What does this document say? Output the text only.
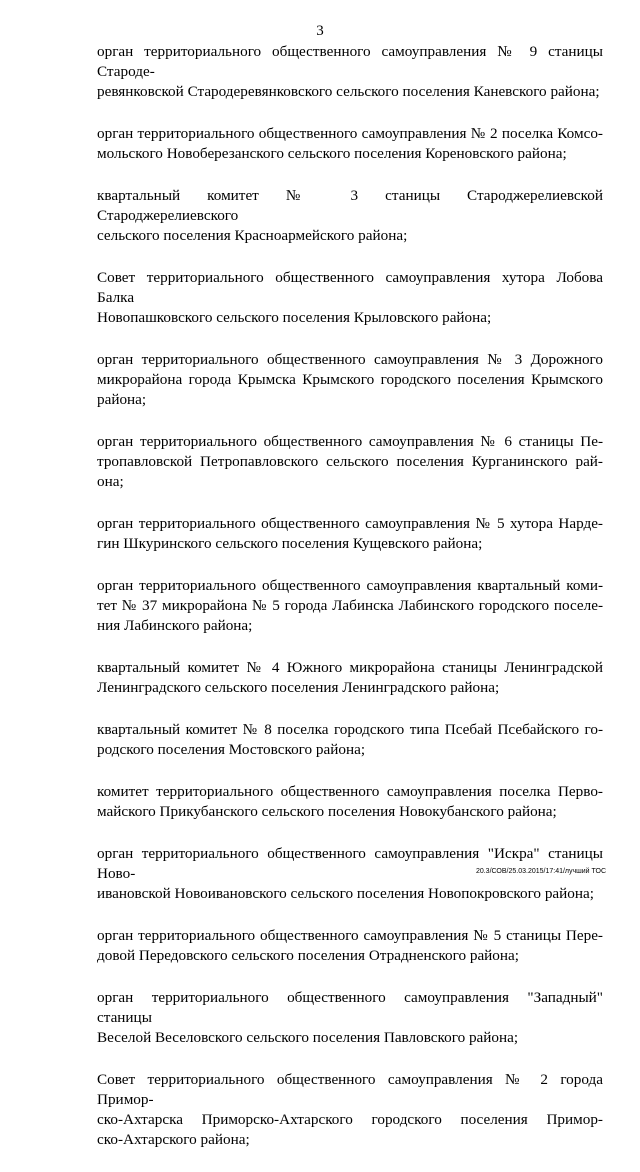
3
орган территориального общественного самоуправления № 9 станицы Староде-
ревянковской Стародеревянковского сельского поселения Каневского района;
орган территориального общественного самоуправления № 2 поселка Комсо-
мольского Новоберезанского сельского поселения Кореновского района;
квартальный комитет № 3 станицы Староджерелиевской Староджерелиевского
сельского поселения Красноармейского района;
Совет территориального общественного самоуправления хутора Лобова Балка
Новопашковского сельского поселения Крыловского района;
орган территориального общественного самоуправления № 3 Дорожного
микрорайона города Крымска Крымского городского поселения Крымского
района;
орган территориального общественного самоуправления № 6 станицы Пе-
тропавловской Петропавловского сельского поселения Курганинского рай-
она;
орган территориального общественного самоуправления № 5 хутора Нарде-
гин Шкуринского сельского поселения Кущевского района;
орган территориального общественного самоуправления квартальный коми-
тет № 37 микрорайона № 5 города Лабинска Лабинского городского поселе-
ния Лабинского района;
квартальный комитет № 4 Южного микрорайона станицы Ленинградской
Ленинградского сельского поселения Ленинградского района;
квартальный комитет № 8 поселка городского типа Псебай Псебайского го-
родского поселения Мостовского района;
комитет территориального общественного самоуправления поселка Перво-
майского Прикубанского сельского поселения Новокубанского района;
орган территориального общественного самоуправления "Искра" станицы Ново-
ивановской Новоивановского сельского поселения Новопокровского района;
орган территориального общественного самоуправления № 5 станицы Пере-
довой Передовского сельского поселения Отрадненского района;
орган территориального общественного самоуправления "Западный" станицы
Веселой Веселовского сельского поселения Павловского района;
Совет территориального общественного самоуправления № 2 города Примор-
ско-Ахтарска Приморско-Ахтарского городского поселения Примор-
ско-Ахтарского района;
20.3/СОВ/25.03.2015/17:41/лучший ТОС
